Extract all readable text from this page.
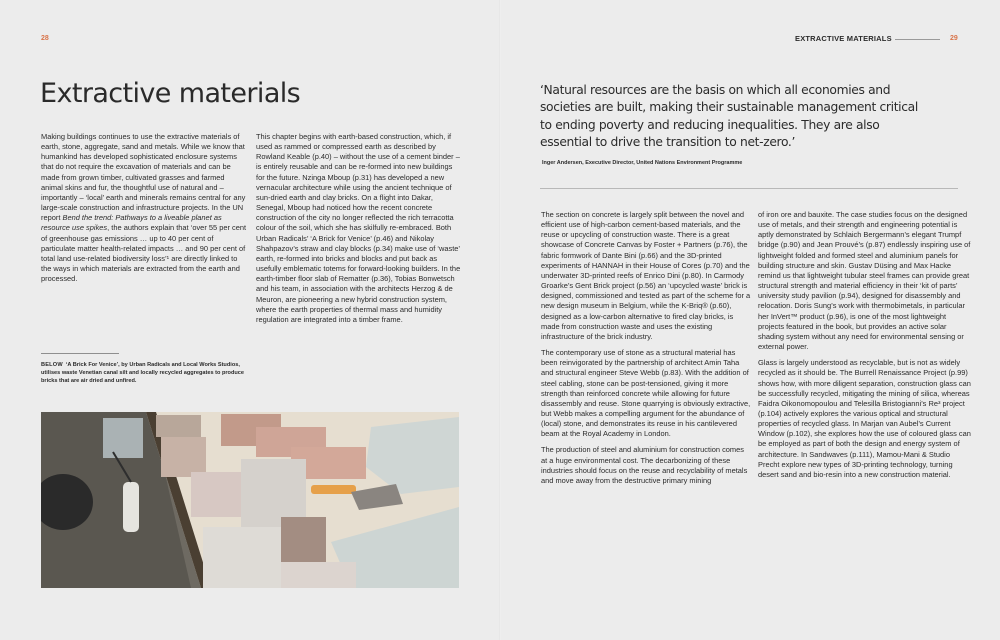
28
Extractive materials

Making buildings continues to use the extractive materials of earth, stone, aggregate, sand and metals. While we know that humankind has developed sophisticated enclosure systems that do not require the excavation of materials and can be made from grown timber, cultivated grasses and farmed animal skins and fur, the thoughtful use of natural and – importantly – ‘local’ earth and minerals remains central for any large-scale construction and infrastructure projects. In the UN report Bend the trend: Pathways to a liveable planet as resource use spikes, the authors explain that ‘over 55 per cent of greenhouse gas emissions … up to 40 per cent of particulate matter health-related impacts … and 90 per cent of total land use-related biodiversity loss’¹ are directly linked to the ways in which materials are extracted from the earth and processed.

This chapter begins with earth-based construction, which, if used as rammed or compressed earth as described by Rowland Keable (p.40) – without the use of a cement binder – is entirely reusable and can be re-formed into new buildings for the future. Nzinga Mboup (p.31) has developed a new vernacular architecture while using the ancient technique of sun-dried earth and clay bricks. On a flight into Dakar, Senegal, Mboup had noticed how the recent concrete construction of the city no longer reflected the rich terracotta colour of the soil, which she has skilfully re-embraced. Both Urban Radicals’ ‘A Brick for Venice’ (p.46) and Nikolay Shahpazov’s straw and clay blocks (p.34) make use of ‘waste’ earth, re-formed into bricks and blocks and put back as usefully emblematic totems for forward-looking builders. In the earth-timber floor slab of Rematter (p.36), Tobias Bonwetsch and his team, in association with the architects Herzog & de Meuron, are pioneering a new hybrid construction system, where the earth properties of thermal mass and humidity regulation are integrated into a timber frame.

BELOW ‘A Brick For Venice’, by Urban Radicals and Local Works Studios, utilises waste Venetian canal silt and locally recycled aggregates to produce bricks that are air dried and unfired.
EXTRACTIVE MATERIALS	29

‘Natural resources are the basis on which all economies and societies are built, making their sustainable management critical to ending poverty and reducing inequalities. They are also essential to drive the transition to net-zero.’

Inger Andersen, Executive Director, United Nations Environment Programme

The section on concrete is largely split between the novel and efficient use of high-carbon cement-based materials, and the reuse or upcycling of construction waste. There is a great showcase of Concrete Canvas by Foster + Partners (p.76), the fabric formwork of Dante Bini (p.66) and the 3D-printed experiments of HANNAH in their House of Cores (p.70) and the underwater 3D-printed reefs of Enrico Dini (p.80). In Carmody Groarke’s Gent Brick project (p.56) an ‘upcycled waste’ brick is designed, commissioned and tested as part of the scheme for a new design museum in Belgium, while the K-Briq® (p.60), designed as a low-carbon alternative to fired clay bricks, is made from construction waste and uses the existing infrastructure of the brick industry.

The contemporary use of stone as a structural material has been reinvigorated by the partnership of architect Amin Taha and structural engineer Steve Webb (p.83). With the addition of steel cabling, stone can be post-tensioned, giving it more strength than reinforced concrete while allowing for future disassembly and reuse. Stone quarrying is obviously extractive, but Webb makes a compelling argument for the abundance of (local) stone, and demonstrates its reuse in his cantilevered beam at the Royal Academy in London.

The production of steel and aluminium for construction comes at a huge environmental cost. The decarbonizing of these industries should focus on the reuse and recyclability of metals and move away from the destructive primary mining

of iron ore and bauxite. The case studies focus on the designed use of metals, and their strength and engineering potential is aptly demonstrated by Schlaich Bergermann’s elegant Trumpf bridge (p.90) and Jean Prouvé’s (p.87) endlessly inspiring use of lightweight folded and formed steel and aluminium panels for building structure and skin. Gustav Düsing and Max Hacke remind us that lightweight tubular steel frames can provide great structural strength and material efficiency in their ‘kit of parts’ university study pavilion (p.94), designed for disassembly and relocation. Doris Sung’s work with thermobimetals, in particular her InVert™ product (p.96), is one of the most lightweight projects featured in the book, but provides an active solar shading system without any need for environmental sensing or external power.

Glass is largely understood as recyclable, but is not as widely recycled as it should be. The Burrell Renaissance Project (p.99) shows how, with more diligent separation, construction glass can be successfully recycled, mitigating the mining of silica, whereas Faidra Oikonomopoulou and Telesilla Bristogianni’s Re³ project (p.104) actively explores the various optical and structural properties of recycled glass. In Marjan van Aubel’s Current Window (p.102), she explores how the use of coloured glass can be employed as part of both the design and energy system of architecture. In Sandwaves (p.111), Mamou-Mani & Studio Precht explore new types of 3D-printing technology, turning desert sand and bio-resin into a new construction material.
